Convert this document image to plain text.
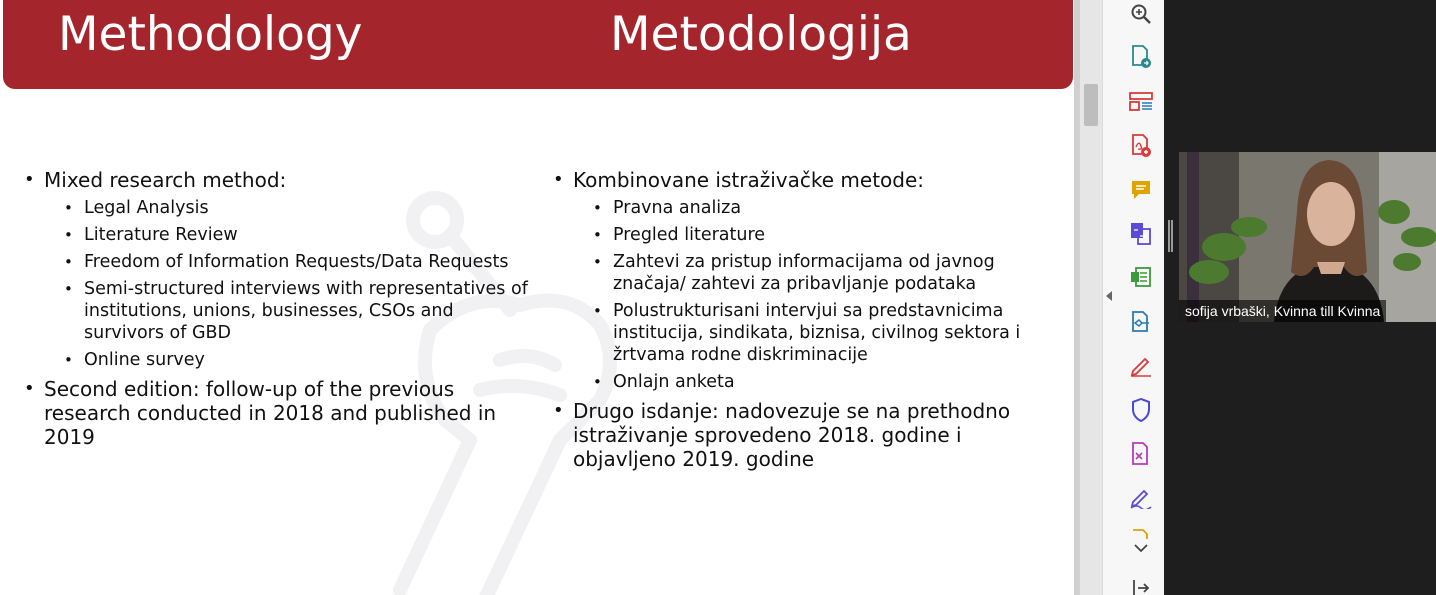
Methodology	Metodologija
• Mixed research method:
• Legal Analysis
• Literature Review
• Freedom of Information Requests/Data Requests
• Semi-structured interviews with representatives of institutions, unions, businesses, CSOs and survivors of GBD
• Online survey
• Second edition: follow-up of the previous research conducted in 2018 and published in 2019
• Kombinovane istraživačke metode:
• Pravna analiza
• Pregled literature
• Zahtevi za pristup informacijama od javnog značaja/ zahtevi za pribavljanje podataka
• Polustrukturisani intervjui sa predstavnicima institucija, sindikata, biznisa, civilnog sektora i žrtvama rodne diskriminacije
• Onlajn anketa
• Drugo isdanje: nadovezuje se na prethodno istraživanje sprovedeno 2018. godine i objavljeno 2019. godine
sofija vrbaški, Kvinna till Kvinna
